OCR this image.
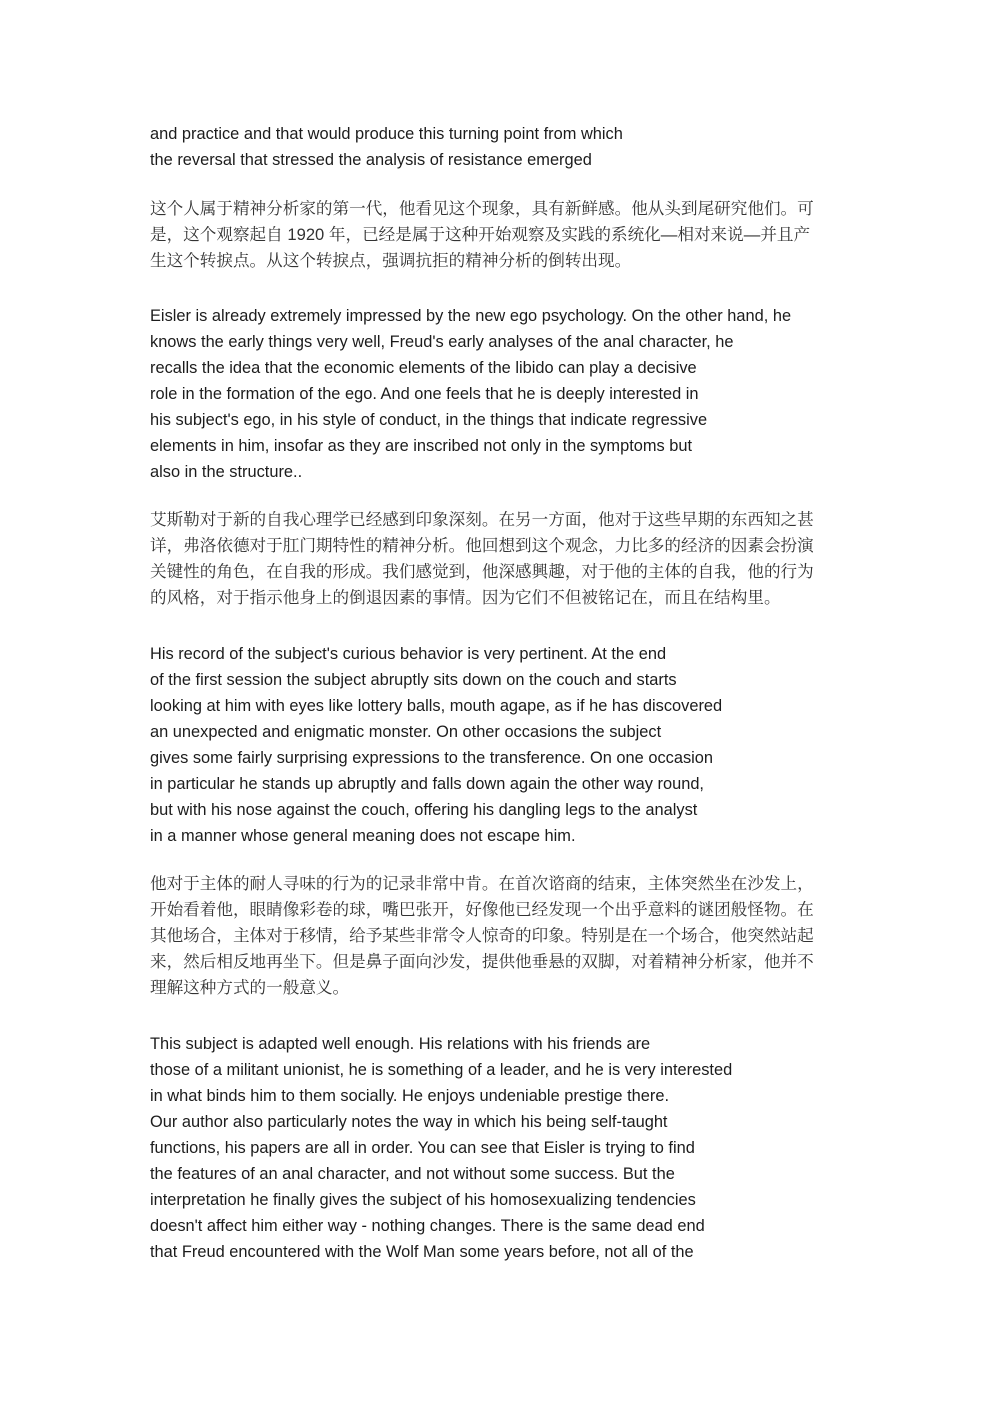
and practice and that would produce this turning point from which
the reversal that stressed the analysis of resistance emerged

这个人属于精神分析家的第一代，他看见这个现象，具有新鲜感。他从头到尾研究他们。可
是，这个观察起自 1920 年，已经是属于这种开始观察及实践的系统化—相对来说—并且产
生这个转捩点。从这个转捩点，强调抗拒的精神分析的倒转出现。

Eisler is already extremely impressed by the new ego psychology. On the other hand, he
knows the early things very well, Freud's early analyses of the anal character, he
recalls the idea that the economic elements of the libido can play a decisive
role in the formation of the ego. And one feels that he is deeply interested in
his subject's ego, in his style of conduct, in the things that indicate regressive
elements in him, insofar as they are inscribed not only in the symptoms but
also in the structure..

艾斯勒对于新的自我心理学已经感到印象深刻。在另一方面，他对于这些早期的东西知之甚
详，弗洛依德对于肛门期特性的精神分析。他回想到这个观念，力比多的经济的因素会扮演
关键性的角色，在自我的形成。我们感觉到，他深感興趣，对于他的主体的自我，他的行为
的风格，对于指示他身上的倒退因素的事情。因为它们不但被铭记在，而且在结构里。

His record of the subject's curious behavior is very pertinent. At the end
of the first session the subject abruptly sits down on the couch and starts
looking at him with eyes like lottery balls, mouth agape, as if he has discovered
an unexpected and enigmatic monster. On other occasions the subject
gives some fairly surprising expressions to the transference. On one occasion
in particular he stands up abruptly and falls down again the other way round,
but with his nose against the couch, offering his dangling legs to the analyst
in a manner whose general meaning does not escape him.

他对于主体的耐人寻味的行为的记录非常中肯。在首次谘商的结束，主体突然坐在沙发上，
开始看着他，眼睛像彩卷的球，嘴巴张开，好像他已经发现一个出乎意料的谜团般怪物。在
其他场合，主体对于移情，给予某些非常令人惊奇的印象。特别是在一个场合，他突然站起
来，然后相反地再坐下。但是鼻子面向沙发，提供他垂悬的双脚，对着精神分析家，他并不
理解这种方式的一般意义。

This subject is adapted well enough. His relations with his friends are
those of a militant unionist, he is something of a leader, and he is very interested
in what binds him to them socially. He enjoys undeniable prestige there.
Our author also particularly notes the way in which his being self-taught
functions, his papers are all in order. You can see that Eisler is trying to find
the features of an anal character, and not without some success. But the
interpretation he finally gives the subject of his homosexualizing tendencies
doesn't affect him either way - nothing changes. There is the same dead end
that Freud encountered with the Wolf Man some years before, not all of the
